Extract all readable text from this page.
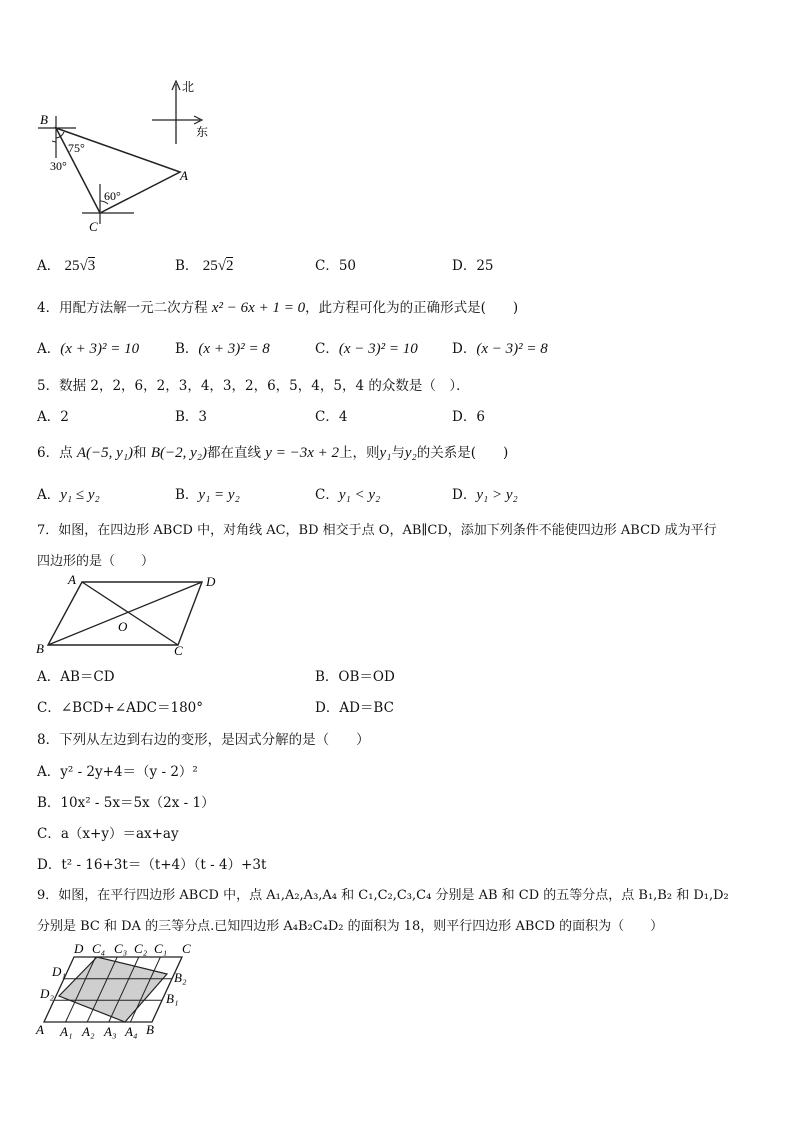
北
东
B
A
C
75°
30°
60°
A． 25√3	B． 25√2	C．50	D．25
4．用配方法解一元二次方程 x² − 6x + 1 = 0，此方程可化为的正确形式是(　　)
A．(x + 3)² = 10	B．(x + 3)² = 8	C．(x − 3)² = 10	D．(x − 3)² = 8
5．数据 2，2，6，2，3，4，3，2，6，5，4，5，4 的众数是（　）．
A．2	B．3	C．4	D．6
6．点 A(−5, y₁)和 B(−2, y₂)都在直线 y = −3x + 2上，则y₁与y₂的关系是(　　)
A．y₁ ≤ y₂	B．y₁ = y₂	C．y₁ < y₂	D．y₁ > y₂
7．如图，在四边形 ABCD 中，对角线 AC，BD 相交于点 O，AB∥CD，添加下列条件不能使四边形 ABCD 成为平行
四边形的是（　　）
A	D
B	C
O
A．AB＝CD	B．OB＝OD
C．∠BCD+∠ADC＝180°	D．AD＝BC
8．下列从左边到右边的变形，是因式分解的是（　　）
A．y² - 2y+4＝（y - 2）²
B．10x² - 5x＝5x（2x - 1）
C．a（x+y）＝ax+ay
D．t² - 16+3t＝（t+4）（t - 4）+3t
9．如图，在平行四边形 ABCD 中，点 A₁,A₂,A₃,A₄ 和 C₁,C₂,C₃,C₄ 分别是 AB 和 CD 的五等分点，点 B₁,B₂ 和 D₁,D₂
分别是 BC 和 DA 的三等分点.已知四边形 A₄B₂C₄D₂ 的面积为 18，则平行四边形 ABCD 的面积为（　　）
D C₄ C₃ C₂ C₁ C
D₁
D₂
B₂
B₁
A A₁ A₂ A₃ A₄ B
